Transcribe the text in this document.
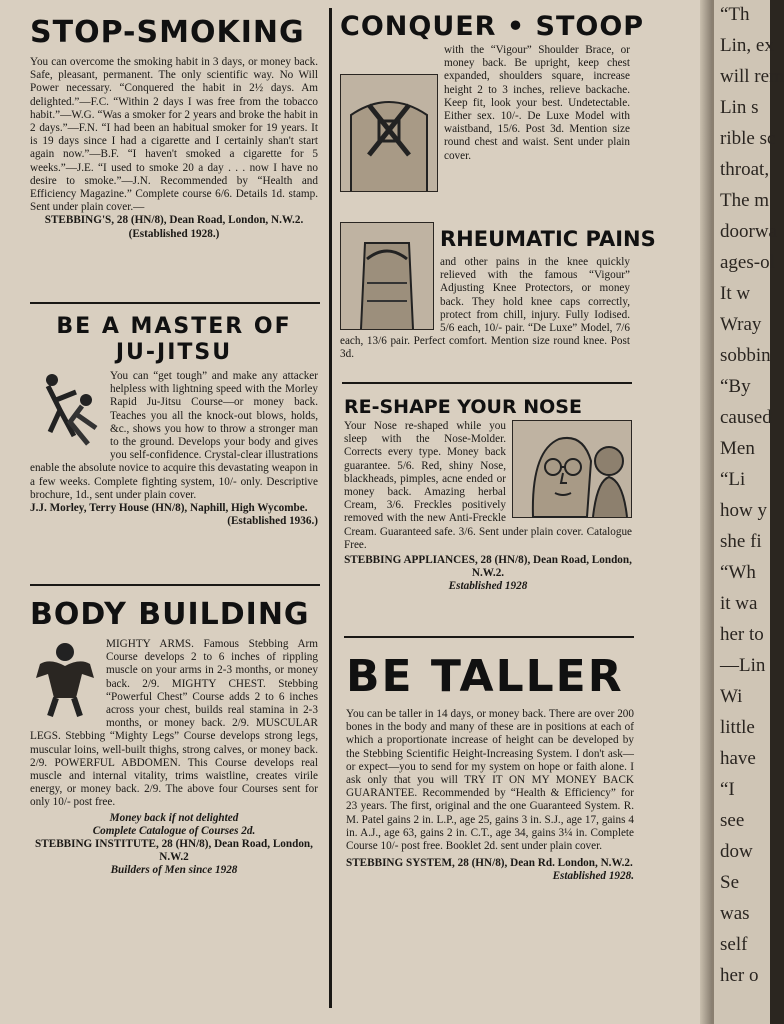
STOP-SMOKING
You can overcome the smoking habit in 3 days, or money back. Safe, pleasant, permanent. The only scientific way. No Will Power necessary. “Conquered the habit in 2½ days. Am delighted.”—F.C. “Within 2 days I was free from the tobacco habit.”—W.G. “Was a smoker for 2 years and broke the habit in 2 days.”—F.N. “I had been an habitual smoker for 19 years. It is 19 days since I had a cigarette and I certainly shan't start again now.”—B.F. “I haven't smoked a cigarette for 5 weeks.”—J.E. “I used to smoke 20 a day . . . now I have no desire to smoke.”—J.N. Recommended by “Health and Efficiency Magazine.” Complete course 6/6. Details 1d. stamp. Sent under plain cover.—
STEBBING'S, 28 (HN/8), Dean Road, London, N.W.2. (Established 1928.)
BE A MASTER OF
JU-JITSU
You can “get tough” and make any attacker helpless with lightning speed with the Morley Rapid Ju-Jitsu Course—or money back. Teaches you all the knock-out blows, holds, &c., shows you how to throw a stronger man to the ground. Develops your body and gives you self-confidence. Crystal-clear illustrations enable the absolute novice to acquire this devastating weapon in a few weeks. Complete fighting system, 10/- only. Descriptive brochure, 1d., sent under plain cover.
J.J. Morley, Terry House (HN/8), Naphill, High Wycombe.
(Established 1936.)
BODY BUILDING
MIGHTY ARMS. Famous Stebbing Arm Course develops 2 to 6 inches of rippling muscle on your arms in 2-3 months, or money back. 2/9. MIGHTY CHEST. Stebbing “Powerful Chest” Course adds 2 to 6 inches across your chest, builds real stamina in 2-3 months, or money back. 2/9. MUSCULAR LEGS. Stebbing “Mighty Legs” Course develops strong legs, muscular loins, well-built thighs, strong calves, or money back. 2/9. POWERFUL ABDOMEN. This Course develops real muscle and internal vitality, trims waistline, creates virile energy, or money back. 2/9. The above four Courses sent for only 10/- post free.
Money back if not delighted
Complete Catalogue of Courses 2d.
STEBBING INSTITUTE, 28 (HN/8), Dean Road, London, N.W.2
Builders of Men since 1928
CONQUER • STOOP
with the “Vigour” Shoulder Brace, or money back. Be upright, keep chest expanded, shoulders square, increase height 2 to 3 inches, relieve backache. Keep fit, look your best. Undetectable. Either sex. 10/-. De Luxe Model with waistband, 15/6. Post 3d. Mention size round chest and waist. Sent under plain cover.
RHEUMATIC PAINS
and other pains in the knee quickly relieved with the famous “Vigour” Adjusting Knee Protectors, or money back. They hold knee caps correctly, protect from chill, injury. Fully Iodised. 5/6 each, 10/- pair. “De Luxe” Model, 7/6 each, 13/6 pair. Perfect comfort. Mention size round knee. Post 3d.
RE-SHAPE YOUR NOSE
Your Nose re-shaped while you sleep with the Nose-Molder. Corrects every type. Money back guarantee. 5/6. Red, shiny Nose, blackheads, pimples, acne ended or money back. Amazing herbal Cream, 3/6. Freckles positively removed with the new Anti-Freckle Cream. Guaranteed safe. 3/6. Sent under plain cover. Catalogue Free.
STEBBING APPLIANCES, 28 (HN/8), Dean Road, London, N.W.2.
Established 1928
BE TALLER
You can be taller in 14 days, or money back. There are over 200 bones in the body and many of these are in positions at each of which a proportionate increase of height can be developed by the Stebbing Scientific Height-Increasing System. I don't ask—or expect—you to send for my system on hope or faith alone. I ask only that you will TRY IT ON MY MONEY BACK GUARANTEE. Recommended by “Health & Efficiency” for 23 years. The first, original and the one Guaranteed System. R. M. Patel gains 2 in. L.P., age 25, gains 3 in. S.J., age 17, gains 4 in. A.J., age 63, gains 2 in. C.T., age 34, gains 3¼ in. Complete Course 10/- post free. Booklet 2d. sent under plain cover.
STEBBING SYSTEM, 28 (HN/8), Dean Rd. London, N.W.2.
Established 1928.
“Th
Lin, ex
will rem
Lin s
rible sc
throat,
The m
doorwa
ages-ol
It w
Wray
sobbin
“By
caused
Men
“Li
how y
she fi
“Wh
it wa
her to
—Lin
Wi
little
have
“I
see
dow
Se
was
self
her o
